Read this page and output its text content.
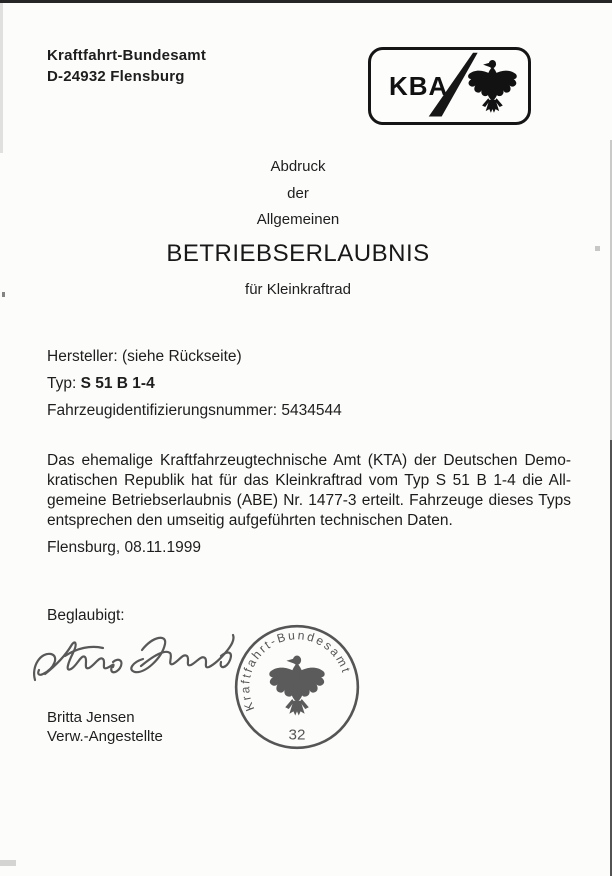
Kraftfahrt-Bundesamt
D-24932 Flensburg	KBA
Abdruck
der
Allgemeinen
BETRIEBSERLAUBNIS
für Kleinkraftrad
Hersteller: (siehe Rückseite)
Typ: S 51 B 1-4
Fahrzeugidentifizierungsnummer: 5434544
Das ehemalige Kraftfahrzeugtechnische Amt (KTA) der Deutschen Demo-
kratischen Republik hat für das Kleinkraftrad vom Typ S 51 B 1-4 die All-
gemeine Betriebserlaubnis (ABE) Nr. 1477-3 erteilt. Fahrzeuge dieses Typs
entsprechen den umseitig aufgeführten technischen Daten.
Flensburg, 08.11.1999
Beglaubigt:
Kraftfahrt-Bundesamt
32
Britta Jensen
Verw.-Angestellte
